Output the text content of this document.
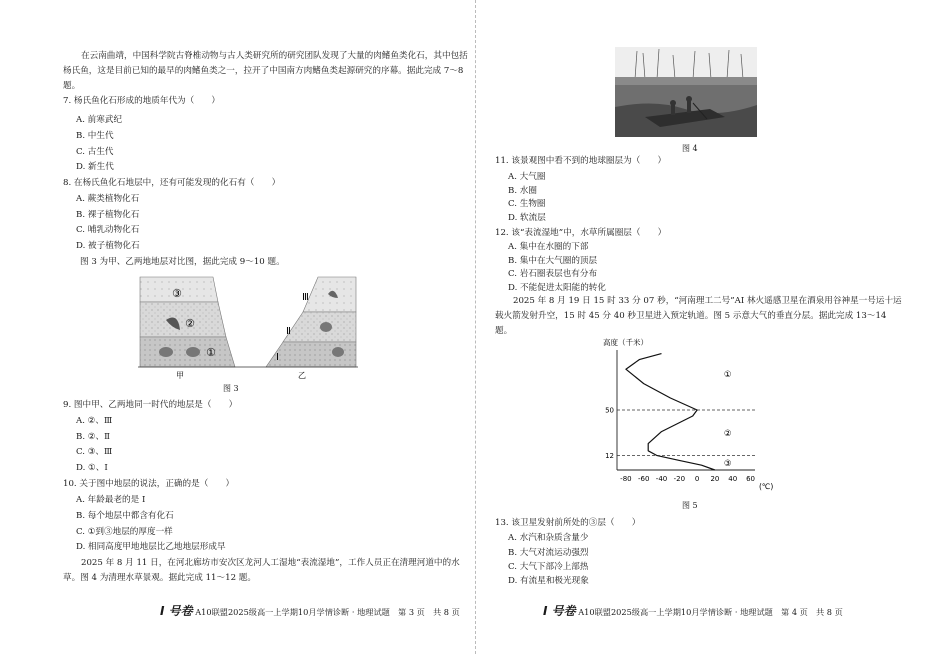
在云南曲靖，中国科学院古脊椎动物与古人类研究所的研究团队发现了大量的肉鳍鱼类化石，其中包括杨氏鱼，这是目前已知的最早的肉鳍鱼类之一，拉开了中国南方肉鳍鱼类起源研究的序幕。据此完成 7～8 题。
7. 杨氏鱼化石形成的地质年代为（　　）
A. 前寒武纪
B. 中生代
C. 古生代
D. 新生代
8. 在杨氏鱼化石地层中，还有可能发现的化石有（　　）
A. 蕨类植物化石
B. 裸子植物化石
C. 哺乳动物化石
D. 被子植物化石
图 3 为甲、乙两地地层对比图，据此完成 9～10 题。
③
②
①
Ⅲ
Ⅱ
Ⅰ
甲	乙
图 3
9. 图中甲、乙两地同一时代的地层是（　　）
A. ②、Ⅲ
B. ②、Ⅱ
C. ③、Ⅲ
D. ①、Ⅰ
10. 关于图中地层的说法，正确的是（　　）
A. 年龄最老的是 Ⅰ
B. 每个地层中都含有化石
C. ①到③地层的厚度一样
D. 相同高度甲地地层比乙地地层形成早
2025 年 8 月 11 日，在河北廊坊市安次区龙河人工湿地“表流湿地”，工作人员正在清理河道中的水草。图 4 为清理水草景观。据此完成 11～12 题。
I 号卷 A10联盟2025级高一上学期10月学情诊断 · 地理试题　第 3 页　共 8 页
图 4
11. 该景观图中看不到的地球圈层为（　　）
A. 大气圈
B. 水圈
C. 生物圈
D. 软流层
12. 该“表流湿地”中，水草所属圈层（　　）
A. 集中在水圈的下部
B. 集中在大气圈的顶层
C. 岩石圈表层也有分布
D. 不能促进太阳能的转化
2025 年 8 月 19 日 15 时 33 分 07 秒，“河南理工二号”AI 林火遥感卫星在酒泉用谷神星一号运十运载火箭发射升空，15 时 45 分 40 秒卫星进入预定轨道。图 5 示意大气的垂直分层。据此完成 13～14 题。
高度（千米）
(℃)
-80 -60 -40 -20 0 20 40 60
12
50
①
②
③
图 5
13. 该卫星发射前所处的③层（　　）
A. 水汽和杂质含量少
B. 大气对流运动强烈
C. 大气下部冷上部热
D. 有流星和极光现象
I 号卷 A10联盟2025级高一上学期10月学情诊断 · 地理试题　第 4 页　共 8 页
